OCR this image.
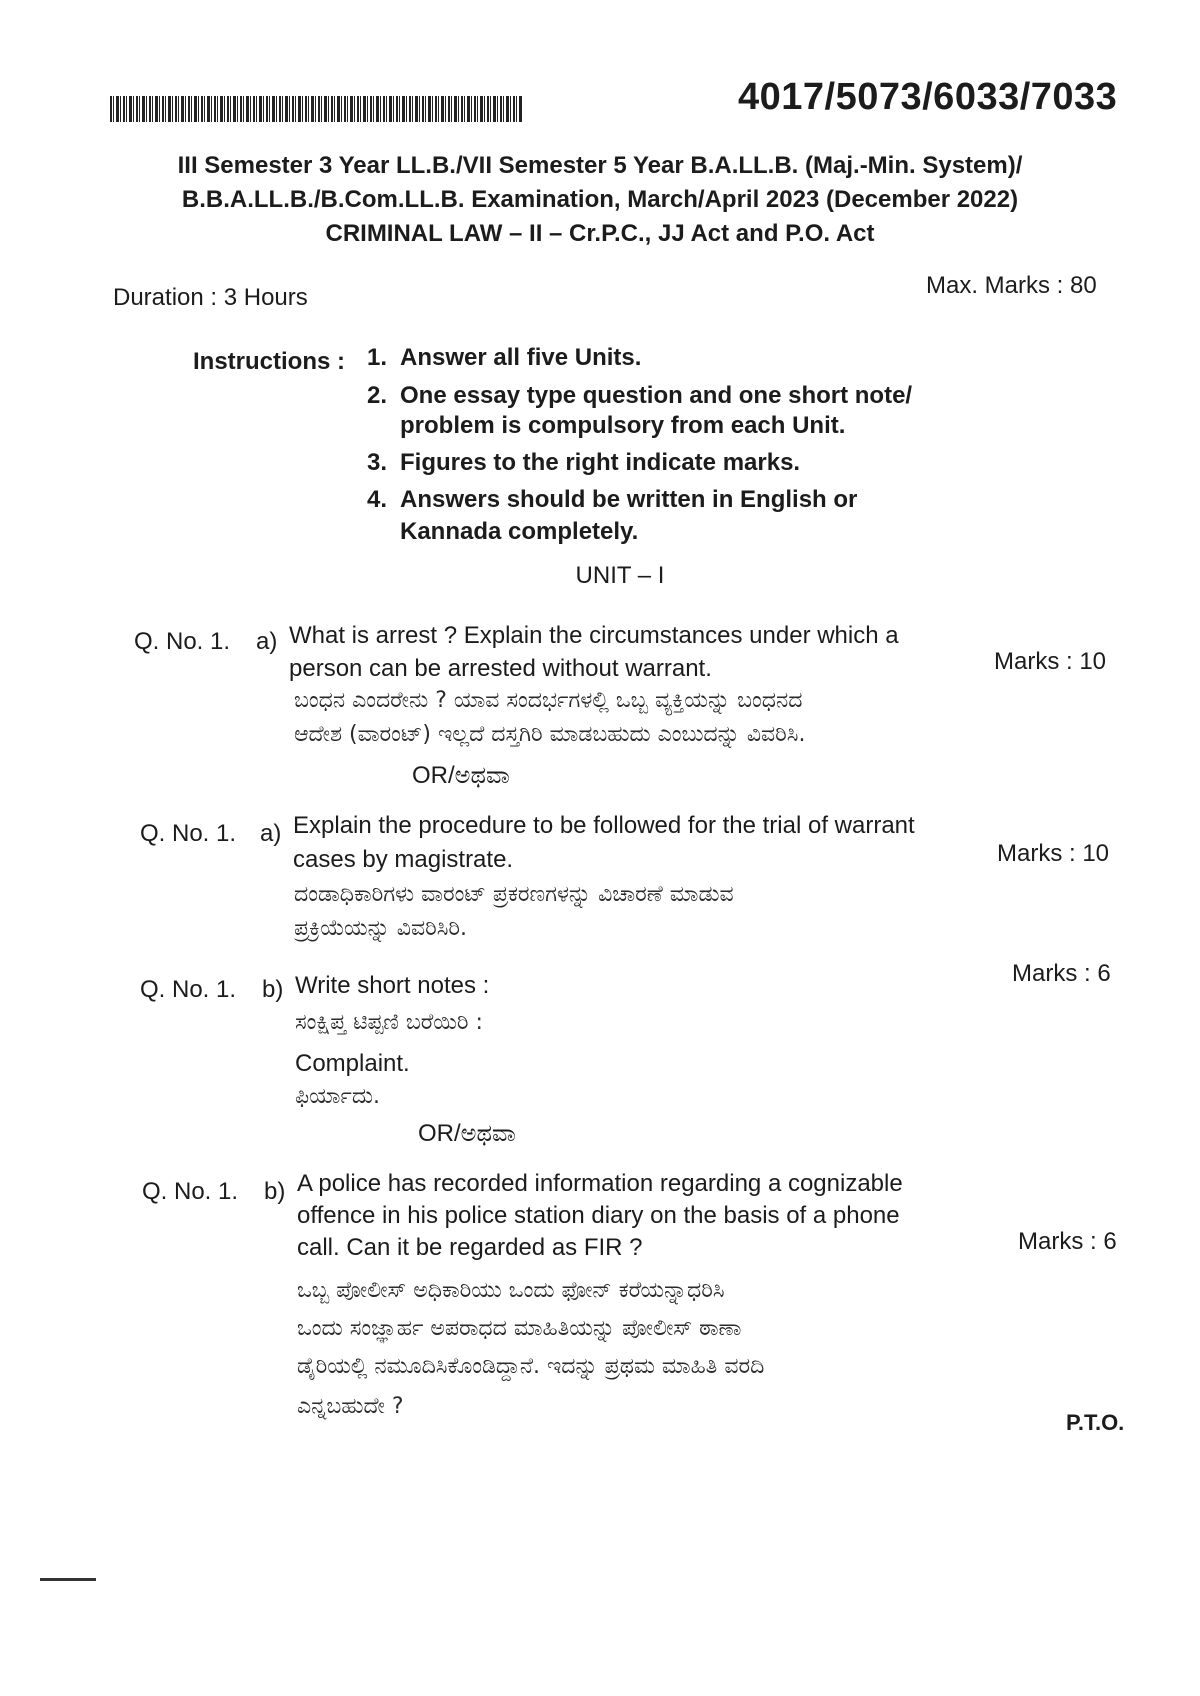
4017/5073/6033/7033
III Semester 3 Year LL.B./VII Semester 5 Year B.A.LL.B. (Maj.-Min. System)/
B.B.A.LL.B./B.Com.LL.B. Examination, March/April 2023 (December 2022)
CRIMINAL LAW – II – Cr.P.C., JJ Act and P.O. Act
Duration : 3 Hours	Max. Marks : 80
Instructions : 1. Answer all five Units.
2. One essay type question and one short note/
problem is compulsory from each Unit.
3. Figures to the right indicate marks.
4. Answers should be written in English or
Kannada completely.
UNIT – I
Q. No. 1. a) What is arrest ? Explain the circumstances under which a
person can be arrested without warrant.	Marks : 10
ಬಂಧನ ಎಂದರೇನು ? ಯಾವ ಸಂದರ್ಭಗಳಲ್ಲಿ ಒಬ್ಬ ವ್ಯಕ್ತಿಯನ್ನು ಬಂಧನದ
ಆದೇಶ (ವಾರಂಟ್) ಇಲ್ಲದೆ ದಸ್ತಗಿರಿ ಮಾಡಬಹುದು ಎಂಬುದನ್ನು ವಿವರಿಸಿ.
OR/ಅಥವಾ
Q. No. 1. a) Explain the procedure to be followed for the trial of warrant
cases by magistrate.	Marks : 10
ದಂಡಾಧಿಕಾರಿಗಳು ವಾರಂಟ್ ಪ್ರಕರಣಗಳನ್ನು ವಿಚಾರಣೆ ಮಾಡುವ
ಪ್ರಕ್ರಿಯೆಯನ್ನು ವಿವರಿಸಿರಿ.
Q. No. 1. b) Write short notes :	Marks : 6
ಸಂಕ್ಷಿಪ್ತ ಟಿಪ್ಪಣಿ ಬರೆಯಿರಿ :
Complaint.
ಫಿರ್ಯಾದು.
OR/ಅಥವಾ
Q. No. 1. b) A police has recorded information regarding a cognizable
offence in his police station diary on the basis of a phone
call. Can it be regarded as FIR ?	Marks : 6
ಒಬ್ಬ ಪೋಲೀಸ್ ಅಧಿಕಾರಿಯು ಒಂದು ಫೋನ್ ಕರೆಯನ್ನಾಧರಿಸಿ
ಒಂದು ಸಂಜ್ಞಾರ್ಹ ಅಪರಾಧದ ಮಾಹಿತಿಯನ್ನು ಪೋಲೀಸ್ ಠಾಣಾ
ಡೈರಿಯಲ್ಲಿ ನಮೂದಿಸಿಕೊಂಡಿದ್ದಾನೆ. ಇದನ್ನು ಪ್ರಥಮ ಮಾಹಿತಿ ವರದಿ
ಎನ್ನಬಹುದೇ ?
P.T.O.
